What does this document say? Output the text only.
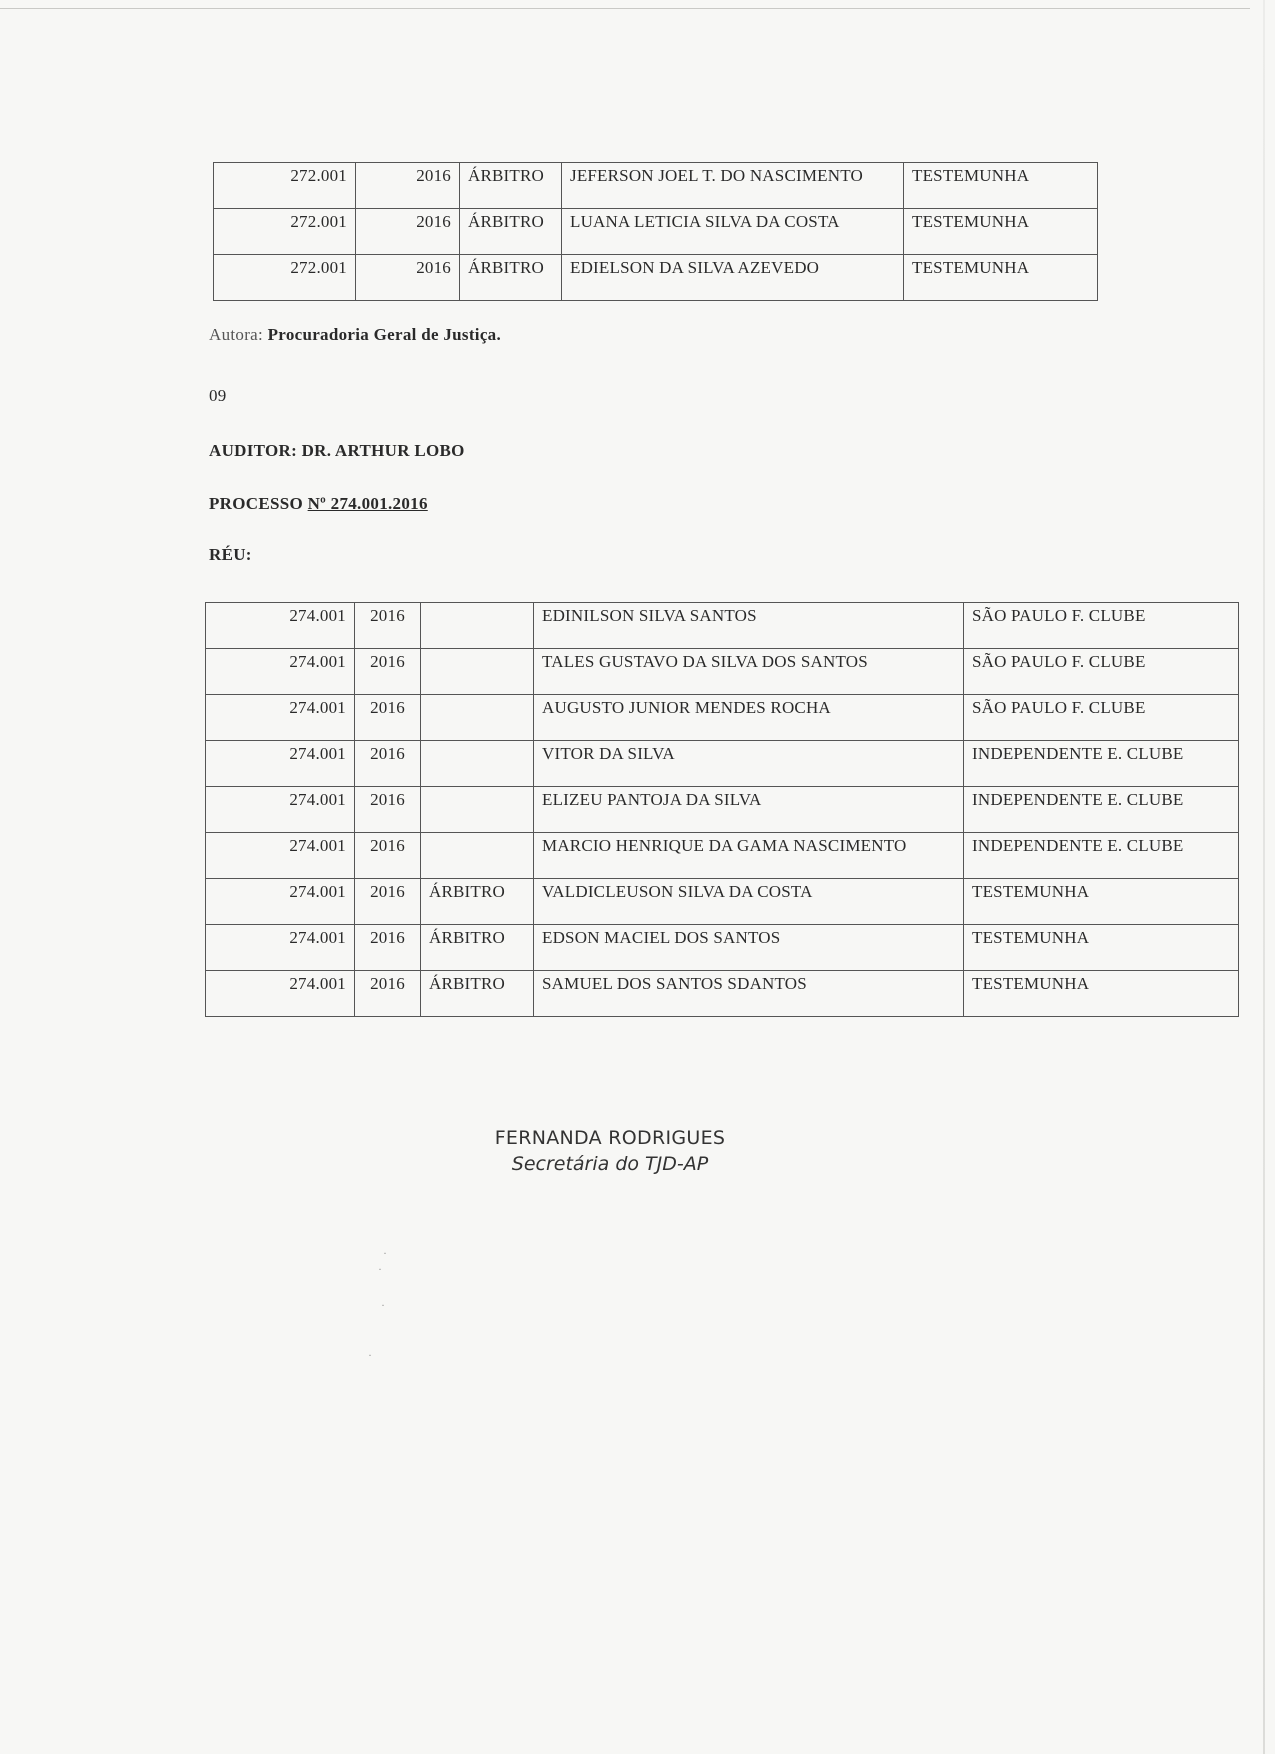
272.001	2016	ÁRBITRO	JEFERSON JOEL T. DO NASCIMENTO	TESTEMUNHA
272.001	2016	ÁRBITRO	LUANA LETICIA SILVA DA COSTA	TESTEMUNHA
272.001	2016	ÁRBITRO	EDIELSON DA SILVA AZEVEDO	TESTEMUNHA

Autora: Procuradoria Geral de Justiça.

09

AUDITOR: DR. ARTHUR LOBO

PROCESSO Nº 274.001.2016

RÉU:

274.001	2016		EDINILSON SILVA SANTOS	SÃO PAULO F. CLUBE
274.001	2016		TALES GUSTAVO DA SILVA DOS SANTOS	SÃO PAULO F. CLUBE
274.001	2016		AUGUSTO JUNIOR MENDES ROCHA	SÃO PAULO F. CLUBE
274.001	2016		VITOR DA SILVA	INDEPENDENTE E. CLUBE
274.001	2016		ELIZEU PANTOJA DA SILVA	INDEPENDENTE E. CLUBE
274.001	2016		MARCIO HENRIQUE DA GAMA NASCIMENTO	INDEPENDENTE E. CLUBE
274.001	2016	ÁRBITRO	VALDICLEUSON SILVA DA COSTA	TESTEMUNHA
274.001	2016	ÁRBITRO	EDSON MACIEL DOS SANTOS	TESTEMUNHA
274.001	2016	ÁRBITRO	SAMUEL DOS SANTOS SDANTOS	TESTEMUNHA
FERNANDA RODRIGUES
Secretária do TJD-AP
·
·
·
·
